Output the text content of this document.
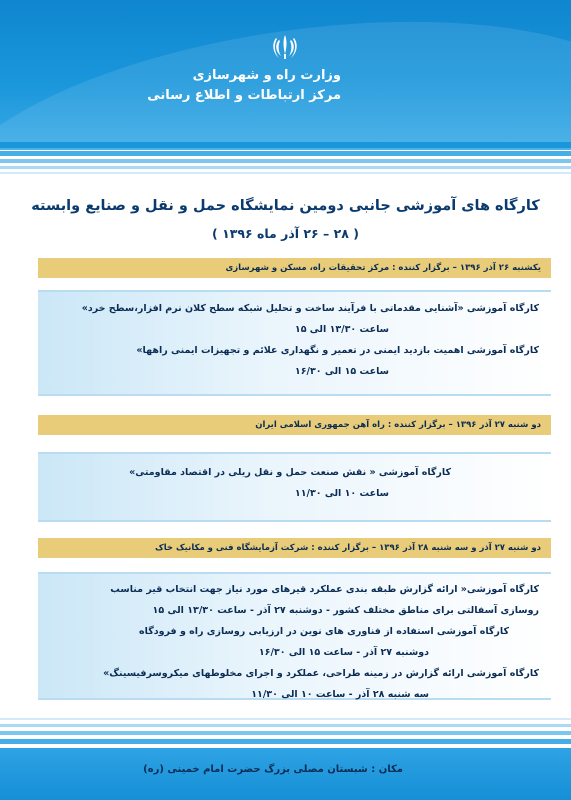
وزارت راه و شهرسازی
مرکز ارتباطات و اطلاع رسانی
کارگاه های آموزشی جانبی دومین نمایشگاه حمل و نقل و صنایع وابسته
( ۲۸ – ۲۶ آذر ماه ۱۳۹۶ )
یکشنبه ۲۶ آذر ۱۳۹۶ – برگزار کننده : مرکز تحقیقات راه، مسکن و شهرسازی
کارگاه آموزشی «آشنایی مقدماتی با فرآیند ساخت و تحلیل شبکه سطح کلان نرم افزار،سطح خرد»
ساعت ۱۳/۳۰ الی ۱۵
کارگاه آموزشی اهمیت بازدید ایمنی در تعمیر و نگهداری علائم و تجهیزات ایمنی راهها»
ساعت ۱۵ الی ۱۶/۳۰
دو شنبه ۲۷ آذر ۱۳۹۶ – برگزار کننده : راه آهن جمهوری اسلامی ایران
کارگاه آموزشی « نقش صنعت حمل و نقل ریلی در اقتصاد مقاومتی»
ساعت ۱۰ الی ۱۱/۳۰
دو شنبه ۲۷ آذر و سه شنبه ۲۸ آذر ۱۳۹۶ – برگزار کننده : شرکت آزمایشگاه فنی و مکانیک خاک
کارگاه آموزشی« ارائه گزارش طبقه بندی عملکرد قیرهای مورد نیاز جهت انتخاب قیر مناسب
روسازی آسفالتی برای مناطق مختلف کشور - دوشنبه ۲۷ آذر - ساعت ۱۳/۳۰ الی ۱۵
کارگاه آموزشی استفاده از فناوری های نوین در ارزیابی روسازی راه و فرودگاه
دوشنبه ۲۷ آذر - ساعت ۱۵ الی ۱۶/۳۰
کارگاه آموزشی ارائه گزارش در زمینه طراحی، عملکرد و اجرای مخلوطهای میکروسرفیسینگ»
سه شنبه ۲۸ آذر - ساعت ۱۰ الی ۱۱/۳۰
مکان : شبستان مصلی بزرگ حضرت امام خمینی (ره)
